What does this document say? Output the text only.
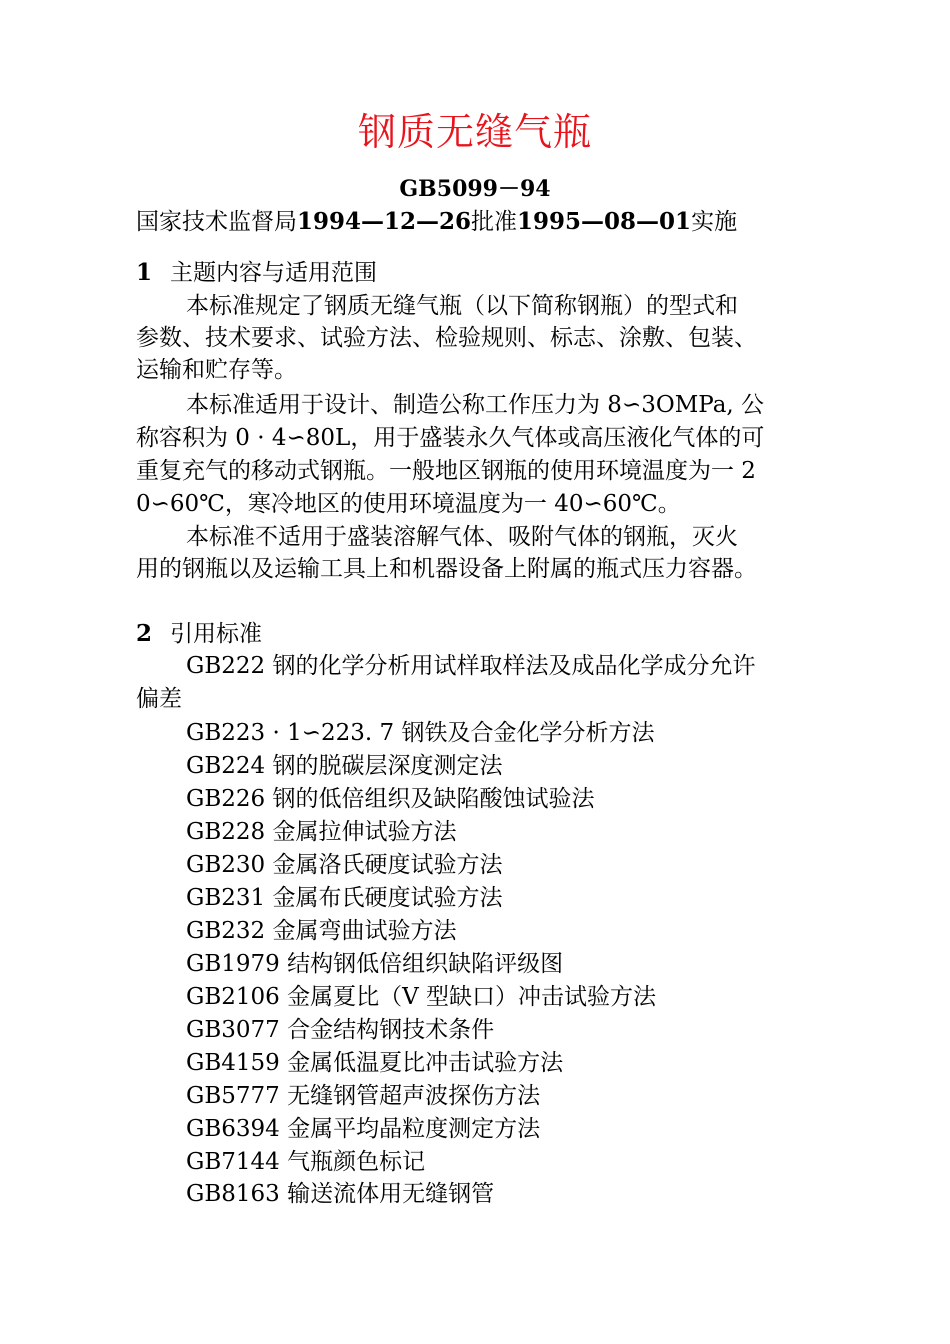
钢质无缝气瓶
GB5099－94
国家技术监督局1994—12—26批准1995—08—01实施
1 主题内容与适用范围
本标准规定了钢质无缝气瓶（以下简称钢瓶）的型式和
参数、技术要求、试验方法、检验规则、标志、涂敷、包装、
运输和贮存等。
本标准适用于设计、制造公称工作压力为 8∽3OMPa, 公
称容积为 0 · 4∽80L，用于盛装永久气体或高压液化气体的可
重复充气的移动式钢瓶。一般地区钢瓶的使用环境温度为一 2
0∽60℃，寒冷地区的使用环境温度为一 40∽60℃。
本标准不适用于盛装溶解气体、吸附气体的钢瓶，灭火
用的钢瓶以及运输工具上和机器设备上附属的瓶式压力容器。
2 引用标准
GB222 钢的化学分析用试样取样法及成品化学成分允许
偏差
GB223 · 1∽223. 7 钢铁及合金化学分析方法
GB224 钢的脱碳层深度测定法
GB226 钢的低倍组织及缺陷酸蚀试验法
GB228 金属拉伸试验方法
GB230 金属洛氏硬度试验方法
GB231 金属布氏硬度试验方法
GB232 金属弯曲试验方法
GB1979 结构钢低倍组织缺陷评级图
GB2106 金属夏比（V 型缺口）冲击试验方法
GB3077 合金结构钢技术条件
GB4159 金属低温夏比冲击试验方法
GB5777 无缝钢管超声波探伤方法
GB6394 金属平均晶粒度测定方法
GB7144 气瓶颜色标记
GB8163 输送流体用无缝钢管
